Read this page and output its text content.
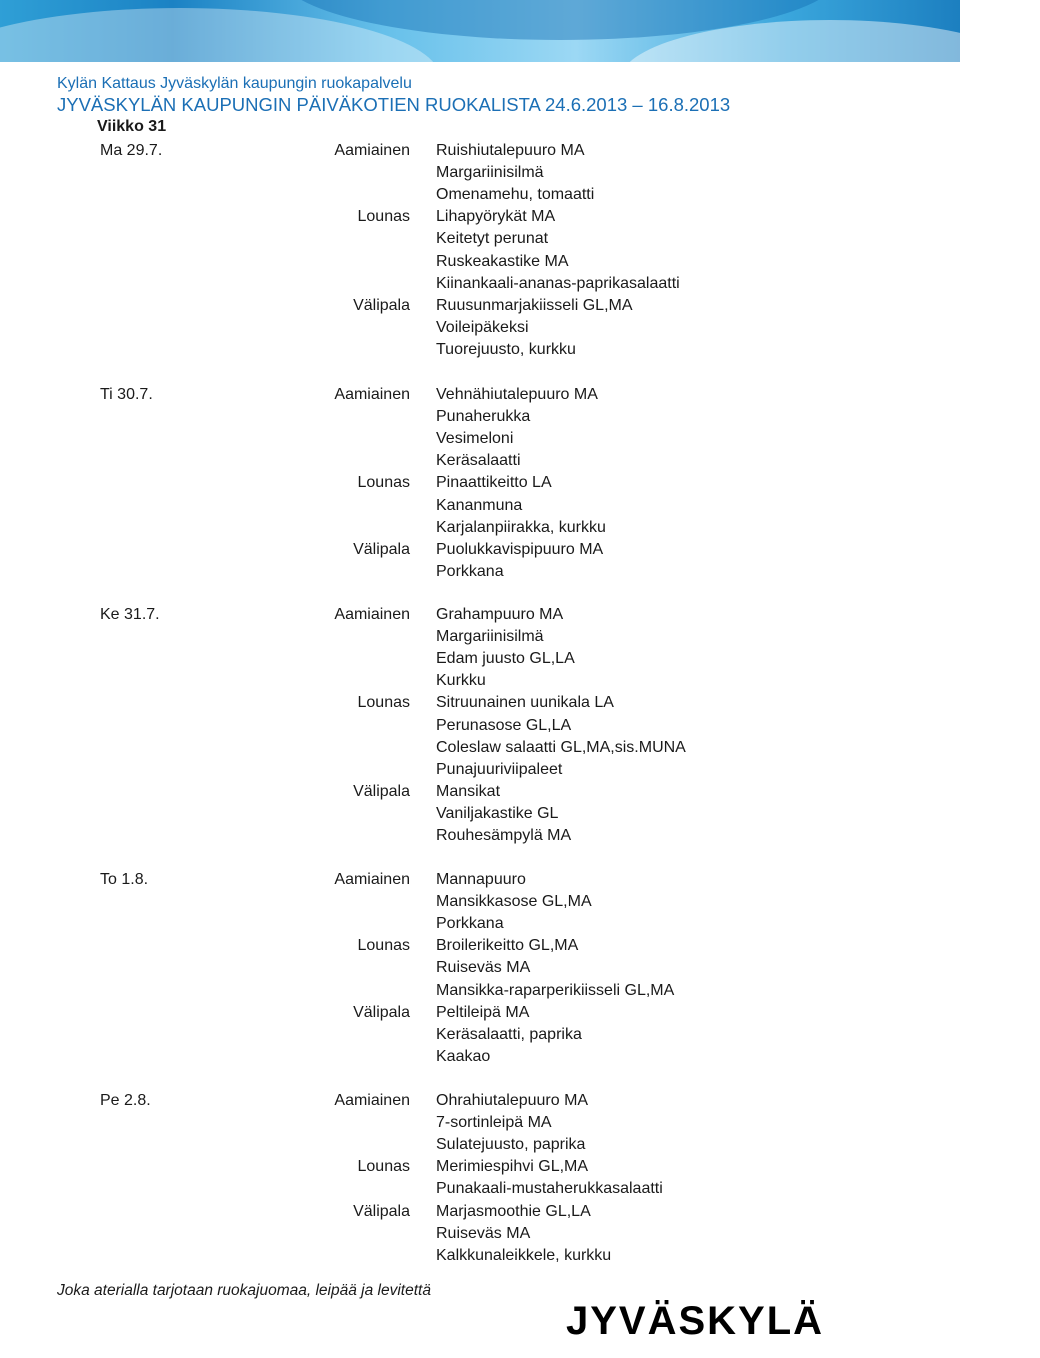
Kylän Kattaus Jyväskylän kaupungin ruokapalvelu
JYVÄSKYLÄN KAUPUNGIN PÄIVÄKOTIEN RUOKALISTA 24.6.2013 – 16.8.2013
Viikko 31
Ma 29.7.	Aamiainen Ruishiutalepuuro MA
Margariinisilmä
Omenamehu, tomaatti
Lounas Lihapyörykät MA
Keitetyt perunat
Ruskeakastike MA
Kiinankaali-ananas-paprikasalaatti
Välipala Ruusunmarjakiisseli GL,MA
Voileipäkeksi
Tuorejuusto, kurkku
Ti 30.7.	Aamiainen Vehnähiutalepuuro MA
Punaherukka
Vesimeloni
Keräsalaatti
Lounas Pinaattikeitto LA
Kananmuna
Karjalanpiirakka, kurkku
Välipala Puolukkavispipuuro MA
Porkkana
Ke 31.7.	Aamiainen Grahampuuro MA
Margariinisilmä
Edam juusto GL,LA
Kurkku
Lounas Sitruunainen uunikala LA
Perunasose GL,LA
Coleslaw salaatti GL,MA,sis.MUNA
Punajuuriviipaleet
Välipala Mansikat
Vaniljakastike GL
Rouhesämpylä MA
To 1.8.	Aamiainen Mannapuuro
Mansikkasose GL,MA
Porkkana
Lounas Broilerikeitto GL,MA
Ruiseväs MA
Mansikka-raparperikiisseli GL,MA
Välipala Peltileipä MA
Keräsalaatti, paprika
Kaakao
Pe 2.8.	Aamiainen Ohrahiutalepuuro MA
7-sortinleipä MA
Sulatejuusto, paprika
Lounas Merimiespihvi GL,MA
Punakaali-mustaherukkasalaatti
Välipala Marjasmoothie GL,LA
Ruiseväs MA
Kalkkunaleikkele, kurkku
Joka aterialla tarjotaan ruokajuomaa, leipää ja levitettä
JYVÄSKYLÄ
